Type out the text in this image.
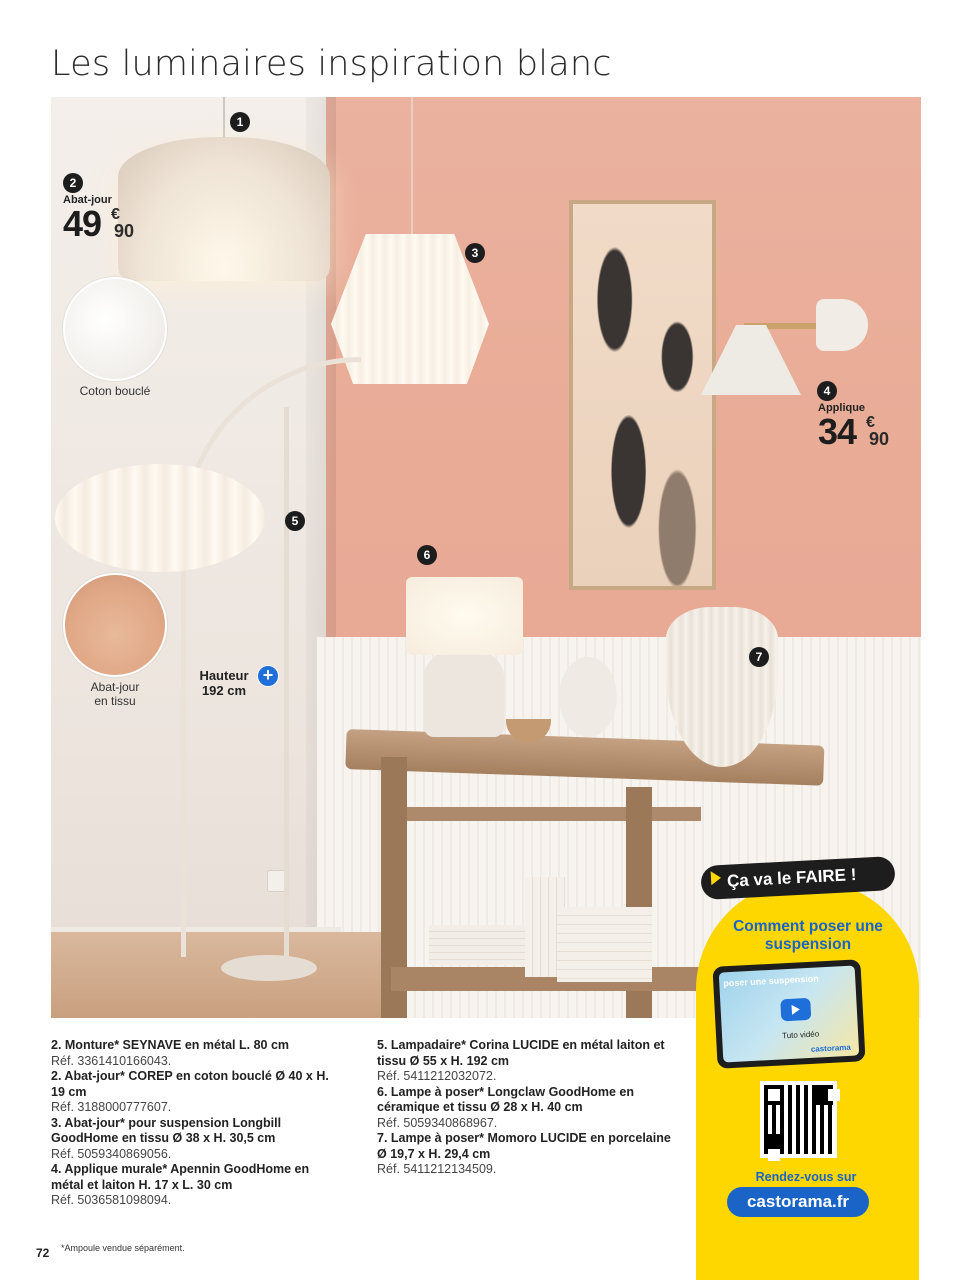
Les luminaires inspiration blanc
Coton bouclé
Abat-jour
en tissu
1
2
3
4
5
6
7
Abat-jour
49 €
90
Applique
34 €
90
Hauteur
192 cm
+
2. Monture* SEYNAVE en métal L. 80 cm
Réf. 3361410166043.
2. Abat-jour* COREP en coton bouclé Ø 40 x H. 19 cm
Réf. 3188000777607.
3. Abat-jour* pour suspension Longbill GoodHome en tissu Ø 38 x H. 30,5 cm
Réf. 5059340869056.
4. Applique murale* Apennin GoodHome en métal et laiton H. 17 x L. 30 cm
Réf. 5036581098094.
5. Lampadaire* Corina LUCIDE en métal laiton et tissu Ø 55 x H. 192 cm
Réf. 5411212032072.
6. Lampe à poser* Longclaw GoodHome en céramique et tissu Ø 28 x H. 40 cm
Réf. 5059340868967.
7. Lampe à poser* Momoro LUCIDE en porcelaine Ø 19,7 x H. 29,4 cm
Réf. 5411212134509.
Ça va le FAIRE !
Comment poser une suspension
poser une suspension
Tuto vidéo
castorama
Rendez-vous sur
castorama.fr
72 *Ampoule vendue séparément.
